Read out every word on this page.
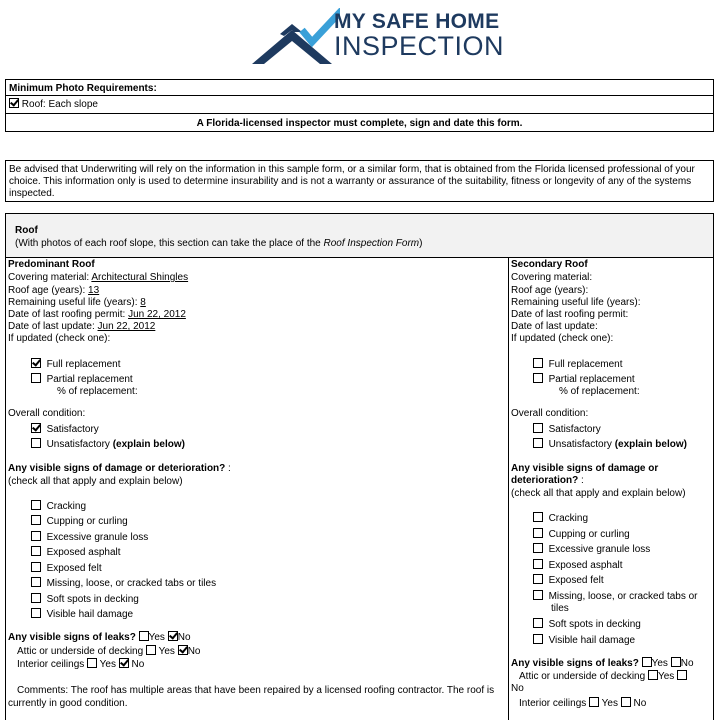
MY SAFE HOME
INSPECTION
Minimum Photo Requirements:
Roof: Each slope
A Florida-licensed inspector must complete, sign and date this form.
Be advised that Underwriting will rely on the information in this sample form, or a similar form, that is obtained from the Florida licensed professional of your choice. This information only is used to determine insurability and is not a warranty or assurance of the suitability, fitness or longevity of any of the systems inspected.
Roof
(With photos of each roof slope, this section can take the place of the Roof Inspection Form)
Predominant Roof
Covering material: Architectural Shingles
Roof age (years): 13
Remaining useful life (years): 8
Date of last roofing permit: Jun 22, 2012
Date of last update: Jun 22, 2012
If updated (check one):
Full replacement
Partial replacement
% of replacement:
Overall condition:
Satisfactory
Unsatisfactory (explain below)
Any visible signs of damage or deterioration? :
(check all that apply and explain below)
Cracking
Cupping or curling
Excessive granule loss
Exposed asphalt
Exposed felt
Missing, loose, or cracked tabs or tiles
Soft spots in decking
Visible hail damage
Any visible signs of leaks? Yes No
Attic or underside of decking Yes No
Interior ceilings Yes No
Comments: The roof has multiple areas that have been repaired by a licensed roofing contractor. The roof is currently in good condition.
Secondary Roof
Covering material:
Roof age (years):
Remaining useful life (years):
Date of last roofing permit:
Date of last update:
If updated (check one):
Full replacement
Partial replacement
% of replacement:
Overall condition:
Satisfactory
Unsatisfactory (explain below)
Any visible signs of damage or
deterioration? :
(check all that apply and explain below)
Cracking
Cupping or curling
Excessive granule loss
Exposed asphalt
Exposed felt
Missing, loose, or cracked tabs or
tiles
Soft spots in decking
Visible hail damage
Any visible signs of leaks? Yes No
Attic or underside of decking Yes
No
Interior ceilings Yes No
